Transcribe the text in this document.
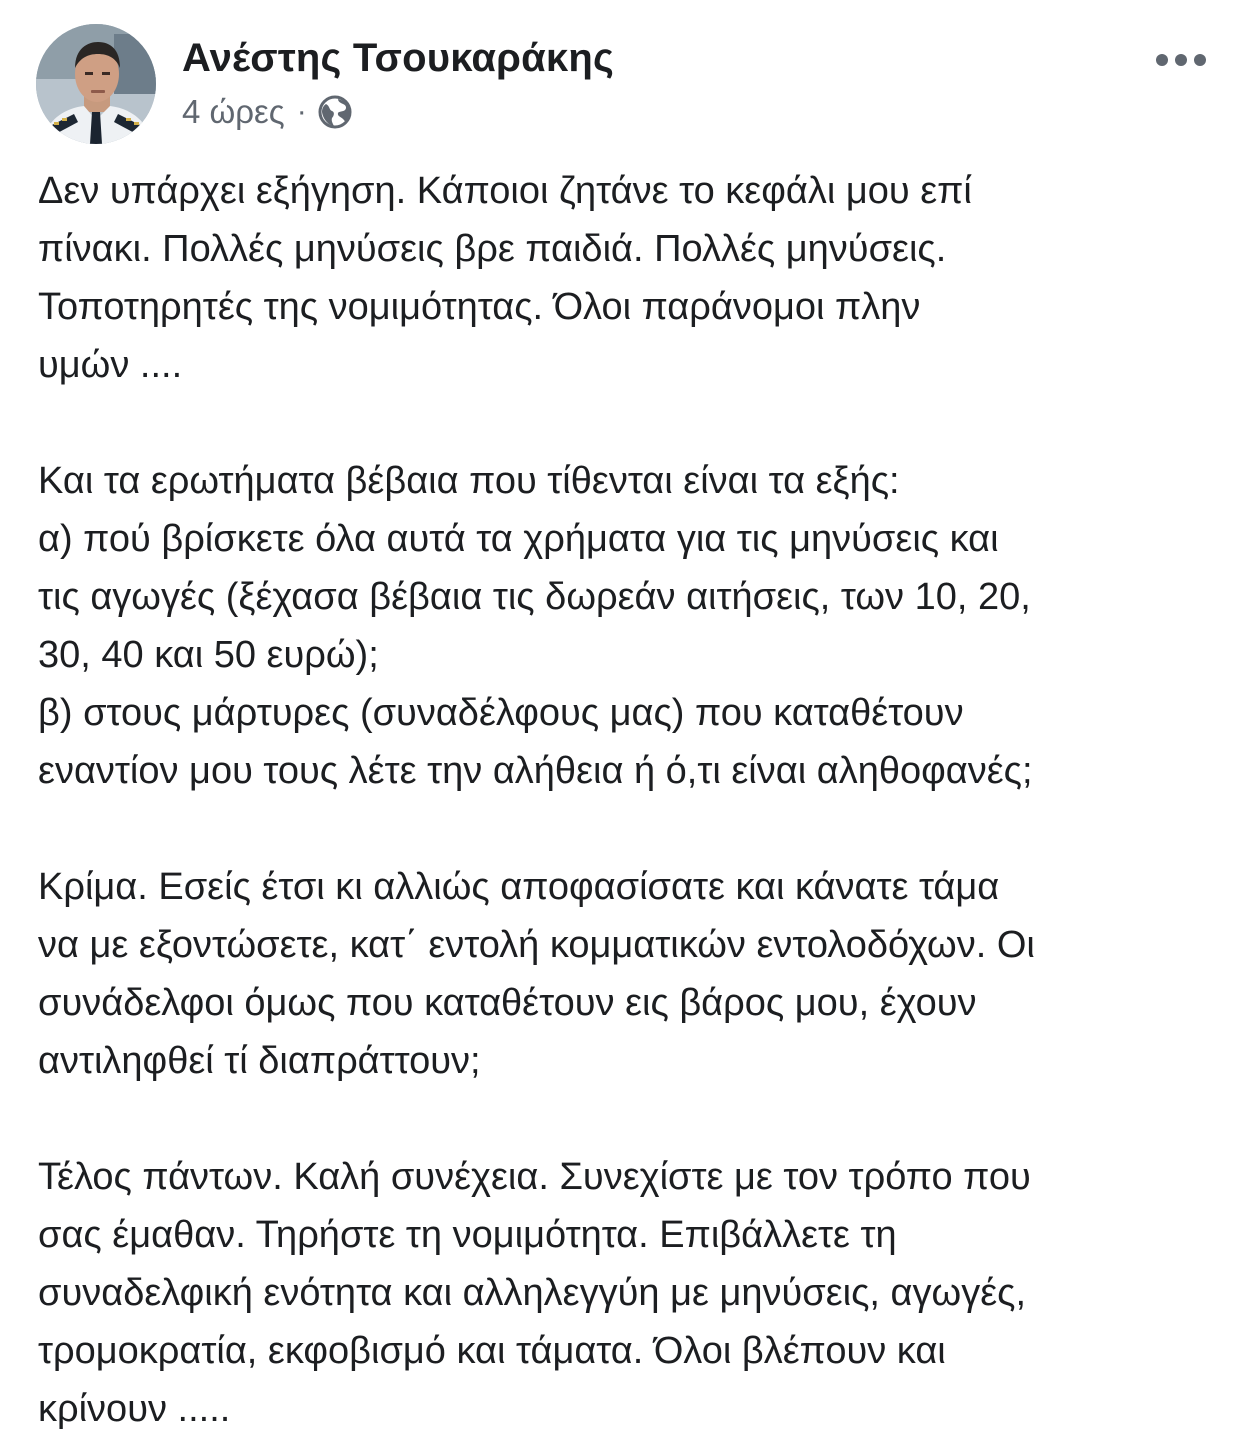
Ανέστης Τσουκαράκης
4 ώρες ·

Δεν υπάρχει εξήγηση. Κάποιοι ζητάνε το κεφάλι μου επί
πίνακι. Πολλές μηνύσεις βρε παιδιά. Πολλές μηνύσεις.
Τοποτηρητές της νομιμότητας. Όλοι παράνομοι πλην
υμών ....

Και τα ερωτήματα βέβαια που τίθενται είναι τα εξής:
α) πού βρίσκετε όλα αυτά τα χρήματα για τις μηνύσεις και
τις αγωγές (ξέχασα βέβαια τις δωρεάν αιτήσεις, των 10, 20,
30, 40 και 50 ευρώ);
β) στους μάρτυρες (συναδέλφους μας) που καταθέτουν
εναντίον μου τους λέτε την αλήθεια ή ό,τι είναι αληθοφανές;

Κρίμα. Εσείς έτσι κι αλλιώς αποφασίσατε και κάνατε τάμα
να με εξοντώσετε, κατ΄ εντολή κομματικών εντολοδόχων. Οι
συνάδελφοι όμως που καταθέτουν εις βάρος μου, έχουν
αντιληφθεί τί διαπράττουν;

Τέλος πάντων. Καλή συνέχεια. Συνεχίστε με τον τρόπο που
σας έμαθαν. Τηρήστε τη νομιμότητα. Επιβάλλετε τη
συναδελφική ενότητα και αλληλεγγύη με μηνύσεις, αγωγές,
τρομοκρατία, εκφοβισμό και τάματα. Όλοι βλέπουν και
κρίνουν .....
